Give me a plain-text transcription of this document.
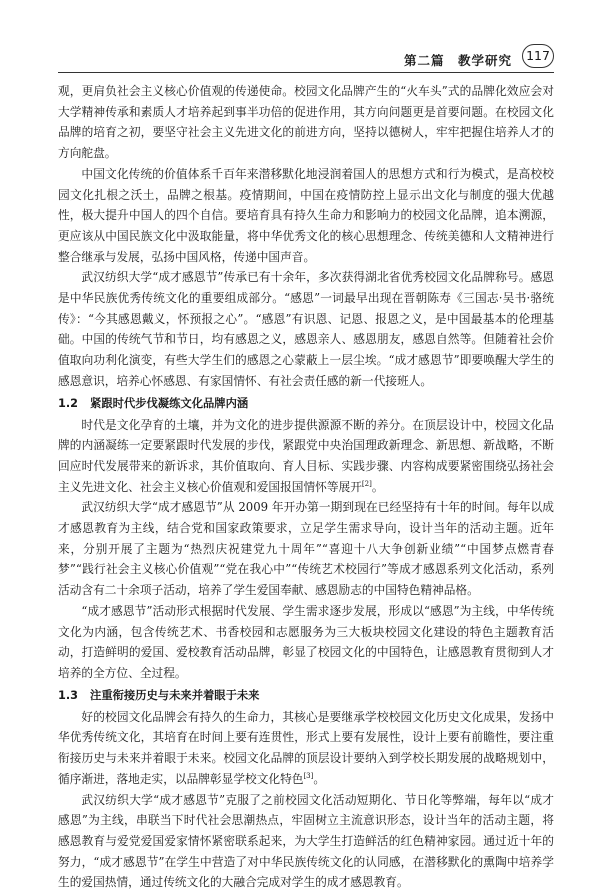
第二篇　教学研究	117

观，更肩负社会主义核心价值观的传递使命。校园文化品牌产生的“火车头”式的品牌化效应会对大学精神传承和素质人才培养起到事半功倍的促进作用，其方向问题更是首要问题。在校园文化品牌的培育之初，要坚守社会主义先进文化的前进方向，坚持以德树人，牢牢把握住培养人才的方向舵盘。

中国文化传统的价值体系千百年来潜移默化地浸润着国人的思想方式和行为模式，是高校校园文化扎根之沃土，品牌之根基。疫情期间，中国在疫情防控上显示出文化与制度的强大优越性，极大提升中国人的四个自信。要培育具有持久生命力和影响力的校园文化品牌，追本溯源，更应该从中国民族文化中汲取能量，将中华优秀文化的核心思想理念、传统美德和人文精神进行整合继承与发展，弘扬中国风格，传递中国声音。

武汉纺织大学“成才感恩节”传承已有十余年，多次获得湖北省优秀校园文化品牌称号。感恩是中华民族优秀传统文化的重要组成部分。“感恩”一词最早出现在晋朝陈寿《三国志·吴书·骆统传》：“今其感恩戴义，怀预报之心”。“感恩”有识恩、记恩、报恩之义，是中国最基本的伦理基础。中国的传统气节和节日，均有感恩之义，感恩亲人、感恩朋友，感恩自然等。但随着社会价值取向功利化演变，有些大学生们的感恩之心蒙蔽上一层尘埃。“成才感恩节”即要唤醒大学生的感恩意识，培养心怀感恩、有家国情怀、有社会责任感的新一代接班人。

1.2 紧跟时代步伐凝练文化品牌内涵

时代是文化孕育的土壤，并为文化的进步提供源源不断的养分。在顶层设计中，校园文化品牌的内涵凝练一定要紧跟时代发展的步伐，紧跟党中央治国理政新理念、新思想、新战略，不断回应时代发展带来的新诉求，其价值取向、育人目标、实践步骤、内容构成要紧密围绕弘扬社会主义先进文化、社会主义核心价值观和爱国报国情怀等展开[2]。

武汉纺织大学“成才感恩节”从 2009 年开办第一期到现在已经坚持有十年的时间。每年以成才感恩教育为主线，结合党和国家政策要求，立足学生需求导向，设计当年的活动主题。近年来，分别开展了主题为“热烈庆祝建党九十周年”“喜迎十八大争创新业绩”“中国梦点燃青春梦”“践行社会主义核心价值观”“党在我心中”“传统艺术校园行”等成才感恩系列文化活动，系列活动含有二十余项子活动，培养了学生爱国奉献、感恩励志的中国特色精神品格。

“成才感恩节”活动形式根据时代发展、学生需求逐步发展，形成以“感恩”为主线，中华传统文化为内涵，包含传统艺术、书香校园和志愿服务为三大板块校园文化建设的特色主题教育活动，打造鲜明的爱国、爱校教育活动品牌，彰显了校园文化的中国特色，让感恩教育贯彻到人才培养的全方位、全过程。

1.3 注重衔接历史与未来并着眼于未来

好的校园文化品牌会有持久的生命力，其核心是要继承学校校园文化历史文化成果，发扬中华优秀传统文化，其培育在时间上要有连贯性，形式上要有发展性，设计上要有前瞻性，要注重衔接历史与未来并着眼于未来。校园文化品牌的顶层设计要纳入到学校长期发展的战略规划中，循序渐进，落地走实，以品牌彰显学校文化特色[3]。

武汉纺织大学“成才感恩节”克服了之前校园文化活动短期化、节日化等弊端，每年以“成才感恩”为主线，串联当下时代社会思潮热点，牢固树立主流意识形态，设计当年的活动主题，将感恩教育与爱党爱国爱家情怀紧密联系起来，为大学生打造鲜活的红色精神家园。通过近十年的努力，“成才感恩节”在学生中营造了对中华民族传统文化的认同感，在潜移默化的熏陶中培养学生的爱国热情，通过传统文化的大融合完成对学生的成才感恩教育。
